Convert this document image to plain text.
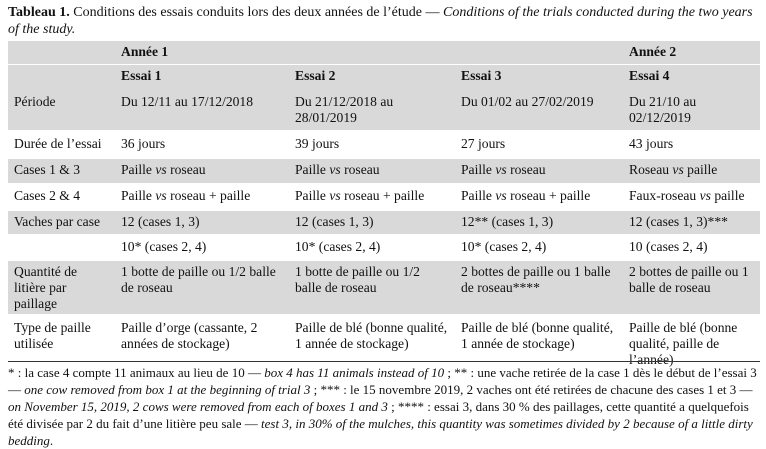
Tableau 1. Conditions des essais conduits lors des deux années de l’étude — Conditions of the trials conducted during the two years of the study.
	Année 1			Année 2
	Essai 1	Essai 2	Essai 3	Essai 4
Période	Du 12/11 au 17/12/2018	Du 21/12/2018 au 28/01/2019	Du 01/02 au 27/02/2019	Du 21/10 au 02/12/2019
Durée de l’essai	36 jours	39 jours	27 jours	43 jours
Cases 1 & 3	Paille vs roseau	Paille vs roseau	Paille vs roseau	Roseau vs paille
Cases 2 & 4	Paille vs roseau + paille	Paille vs roseau + paille	Paille vs roseau + paille	Faux-roseau vs paille
Vaches par case	12 (cases 1, 3)	12 (cases 1, 3)	12** (cases 1, 3)	12 (cases 1, 3)***
	10* (cases 2, 4)	10* (cases 2, 4)	10* (cases 2, 4)	10 (cases 2, 4)
Quantité de litière par paillage	1 botte de paille ou 1/2 balle de roseau	1 botte de paille ou 1/2 balle de roseau	2 bottes de paille ou 1 balle de roseau****	2 bottes de paille ou 1 balle de roseau
Type de paille utilisée	Paille d’orge (cassante, 2 années de stockage)	Paille de blé (bonne qualité, 1 année de stockage)	Paille de blé (bonne qualité, 1 année de stockage)	Paille de blé (bonne qualité, paille de l’année)
* : la case 4 compte 11 animaux au lieu de 10 — box 4 has 11 animals instead of 10 ; ** : une vache retirée de la case 1 dès le début de l’essai 3 — one cow removed from box 1 at the beginning of trial 3 ; *** : le 15 novembre 2019, 2 vaches ont été retirées de chacune des cases 1 et 3 — on November 15, 2019, 2 cows were removed from each of boxes 1 and 3 ; **** : essai 3, dans 30 % des paillages, cette quantité a quelquefois été divisée par 2 du fait d’une litière peu sale — test 3, in 30% of the mulches, this quantity was sometimes divided by 2 because of a little dirty bedding.
